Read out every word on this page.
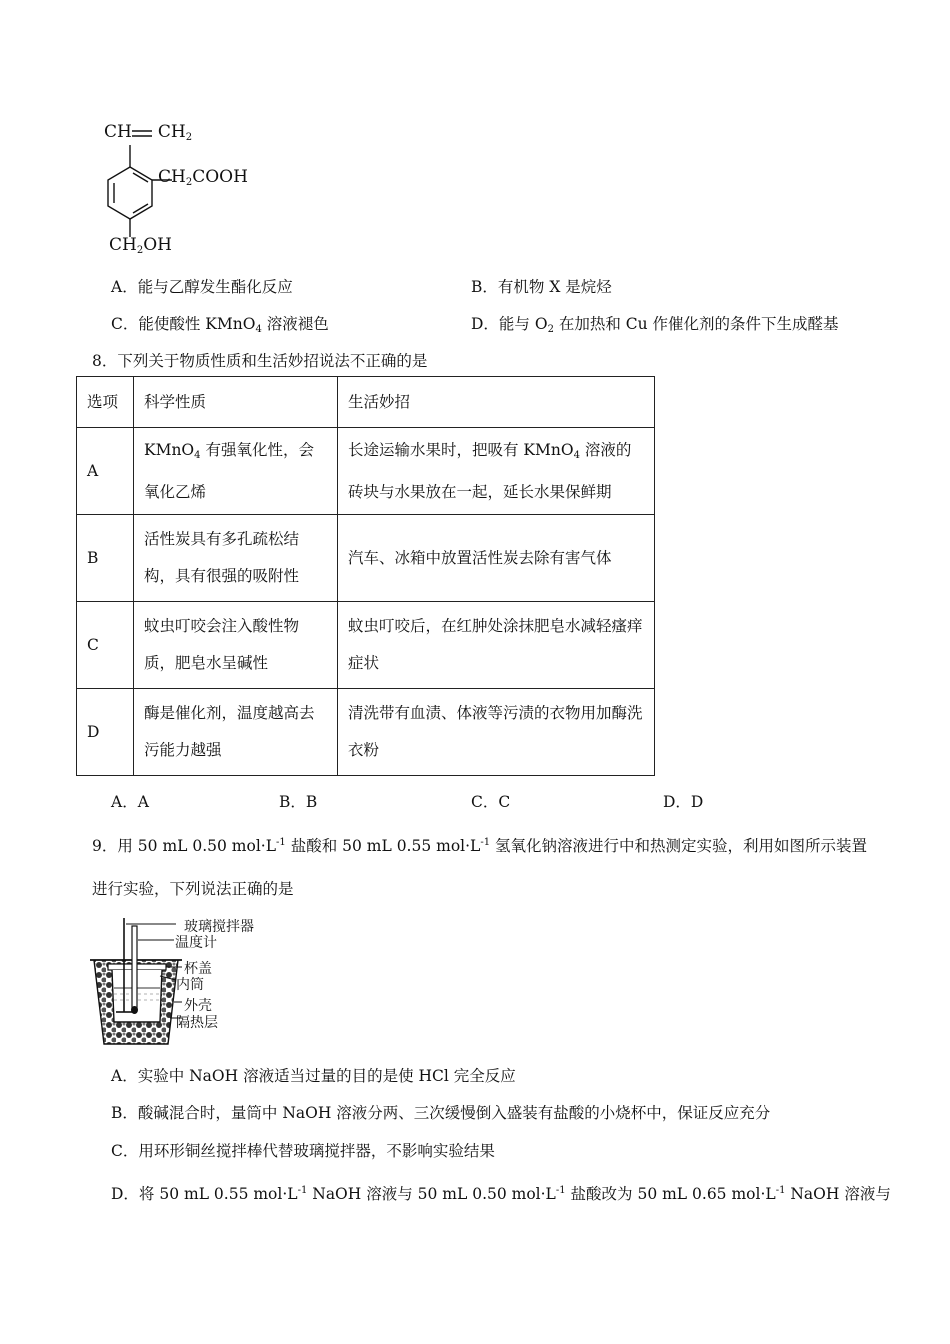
CH $CH_2$
$CH_2COOH$
$CH_2OH$
A．能与乙醇发生酯化反应	B．有机物 X 是烷烃
C．能使酸性 KMnO$_4$ 溶液褪色	D．能与 $O_2$ 在加热和 Cu 作催化剂的条件下生成醛基
8．下列关于物质性质和生活妙招说法不正确的是
选项	科学性质	生活妙招
A	KMnO$_4$ 有强氧化性，会氧化乙烯	长途运输水果时，把吸有 KMnO$_4$ 溶液的砖块与水果放在一起，延长水果保鲜期
B	活性炭具有多孔疏松结构，具有很强的吸附性	汽车、冰箱中放置活性炭去除有害气体
C	蚊虫叮咬会注入酸性物质，肥皂水呈碱性	蚊虫叮咬后，在红肿处涂抹肥皂水减轻瘙痒症状
D	酶是催化剂，温度越高去污能力越强	清洗带有血渍、体液等污渍的衣物用加酶洗衣粉
A．A	B．B	C．C	D．D
9．用 50 mL 0.50 $mol\cdot L^{-1}$ 盐酸和 50 mL 0.55 $mol\cdot L^{-1}$ 氢氧化钠溶液进行中和热测定实验，利用如图所示装置
进行实验，下列说法正确的是
玻璃搅拌器
温度计
杯盖
内筒
外壳
隔热层
A．实验中 NaOH 溶液适当过量的目的是使 HCl 完全反应
B．酸碱混合时，量筒中 NaOH 溶液分两、三次缓慢倒入盛装有盐酸的小烧杯中，保证反应充分
C．用环形铜丝搅拌棒代替玻璃搅拌器，不影响实验结果
D．将 50 mL 0.55 $mol\cdot L^{-1}$ NaOH 溶液与 50 mL 0.50 $mol\cdot L^{-1}$ 盐酸改为 50 mL 0.65 $mol\cdot L^{-1}$ NaOH 溶液与
